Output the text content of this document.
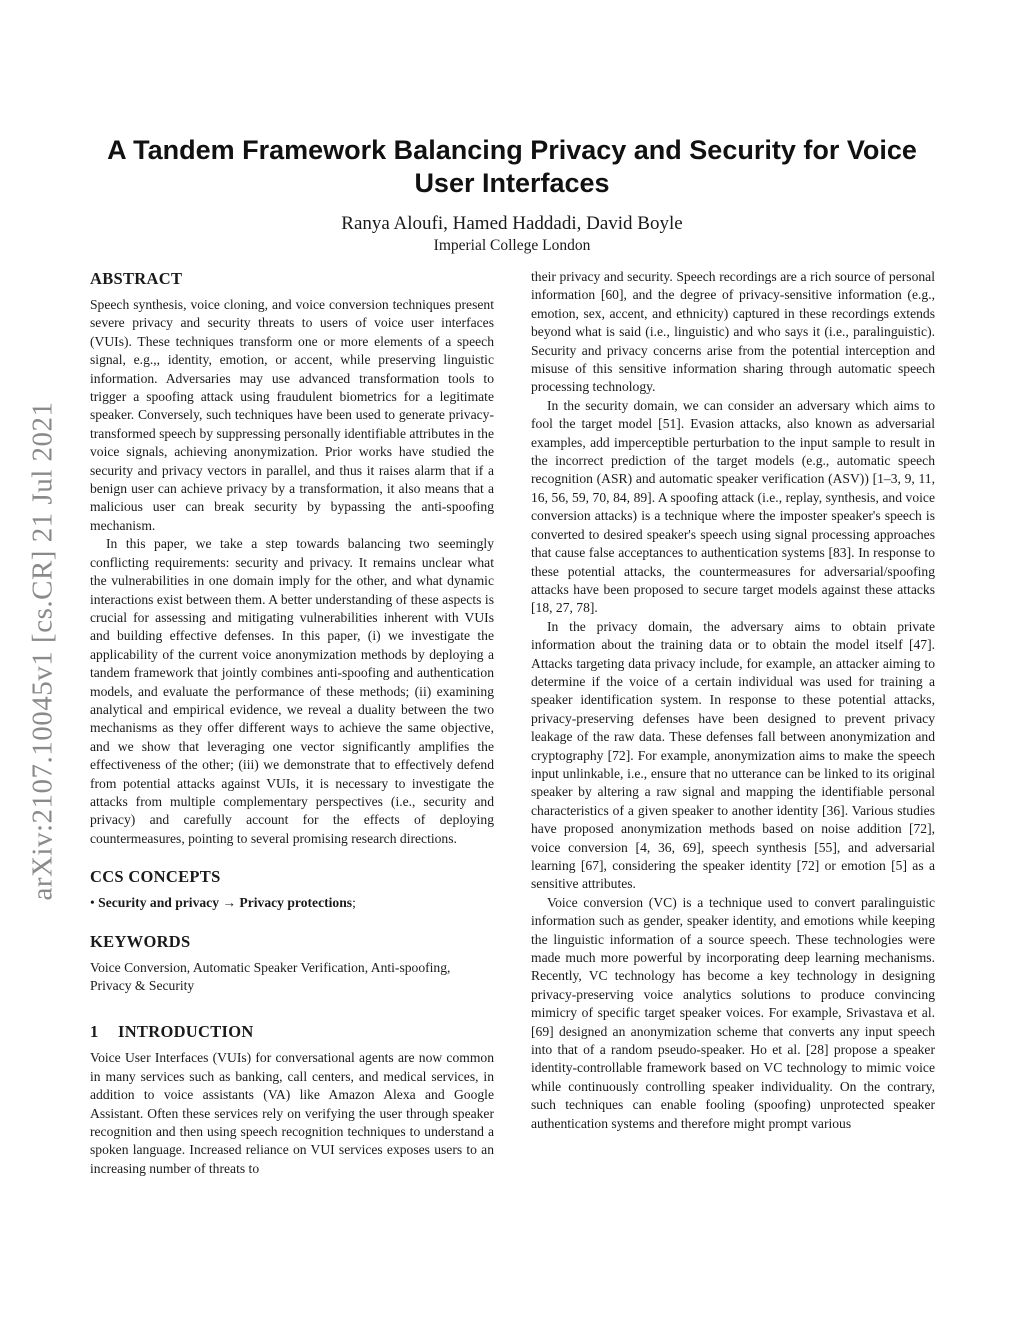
A Tandem Framework Balancing Privacy and Security for Voice User Interfaces
Ranya Aloufi, Hamed Haddadi, David Boyle
Imperial College London
arXiv:2107.10045v1 [cs.CR] 21 Jul 2021
ABSTRACT

Speech synthesis, voice cloning, and voice conversion techniques present severe privacy and security threats to users of voice user interfaces (VUIs). These techniques transform one or more elements of a speech signal, e.g.,, identity, emotion, or accent, while preserving linguistic information. Adversaries may use advanced transformation tools to trigger a spoofing attack using fraudulent biometrics for a legitimate speaker. Conversely, such techniques have been used to generate privacy-transformed speech by suppressing personally identifiable attributes in the voice signals, achieving anonymization. Prior works have studied the security and privacy vectors in parallel, and thus it raises alarm that if a benign user can achieve privacy by a transformation, it also means that a malicious user can break security by bypassing the anti-spoofing mechanism.

In this paper, we take a step towards balancing two seemingly conflicting requirements: security and privacy. It remains unclear what the vulnerabilities in one domain imply for the other, and what dynamic interactions exist between them. A better understanding of these aspects is crucial for assessing and mitigating vulnerabilities inherent with VUIs and building effective defenses. In this paper, (i) we investigate the applicability of the current voice anonymization methods by deploying a tandem framework that jointly combines anti-spoofing and authentication models, and evaluate the performance of these methods; (ii) examining analytical and empirical evidence, we reveal a duality between the two mechanisms as they offer different ways to achieve the same objective, and we show that leveraging one vector significantly amplifies the effectiveness of the other; (iii) we demonstrate that to effectively defend from potential attacks against VUIs, it is necessary to investigate the attacks from multiple complementary perspectives (i.e., security and privacy) and carefully account for the effects of deploying countermeasures, pointing to several promising research directions.

CCS CONCEPTS

• Security and privacy → Privacy protections;

KEYWORDS

Voice Conversion, Automatic Speaker Verification, Anti-spoofing, Privacy & Security

1 INTRODUCTION

Voice User Interfaces (VUIs) for conversational agents are now common in many services such as banking, call centers, and medical services, in addition to voice assistants (VA) like Amazon Alexa and Google Assistant. Often these services rely on verifying the user through speaker recognition and then using speech recognition techniques to understand a spoken language. Increased reliance on VUI services exposes users to an increasing number of threats to

their privacy and security. Speech recordings are a rich source of personal information [60], and the degree of privacy-sensitive information (e.g., emotion, sex, accent, and ethnicity) captured in these recordings extends beyond what is said (i.e., linguistic) and who says it (i.e., paralinguistic). Security and privacy concerns arise from the potential interception and misuse of this sensitive information sharing through automatic speech processing technology.

In the security domain, we can consider an adversary which aims to fool the target model [51]. Evasion attacks, also known as adversarial examples, add imperceptible perturbation to the input sample to result in the incorrect prediction of the target models (e.g., automatic speech recognition (ASR) and automatic speaker verification (ASV)) [1–3, 9, 11, 16, 56, 59, 70, 84, 89]. A spoofing attack (i.e., replay, synthesis, and voice conversion attacks) is a technique where the imposter speaker's speech is converted to desired speaker's speech using signal processing approaches that cause false acceptances to authentication systems [83]. In response to these potential attacks, the countermeasures for adversarial/spoofing attacks have been proposed to secure target models against these attacks [18, 27, 78].

In the privacy domain, the adversary aims to obtain private information about the training data or to obtain the model itself [47]. Attacks targeting data privacy include, for example, an attacker aiming to determine if the voice of a certain individual was used for training a speaker identification system. In response to these potential attacks, privacy-preserving defenses have been designed to prevent privacy leakage of the raw data. These defenses fall between anonymization and cryptography [72]. For example, anonymization aims to make the speech input unlinkable, i.e., ensure that no utterance can be linked to its original speaker by altering a raw signal and mapping the identifiable personal characteristics of a given speaker to another identity [36]. Various studies have proposed anonymization methods based on noise addition [72], voice conversion [4, 36, 69], speech synthesis [55], and adversarial learning [67], considering the speaker identity [72] or emotion [5] as a sensitive attributes.

Voice conversion (VC) is a technique used to convert paralinguistic information such as gender, speaker identity, and emotions while keeping the linguistic information of a source speech. These technologies were made much more powerful by incorporating deep learning mechanisms. Recently, VC technology has become a key technology in designing privacy-preserving voice analytics solutions to produce convincing mimicry of specific target speaker voices. For example, Srivastava et al. [69] designed an anonymization scheme that converts any input speech into that of a random pseudo-speaker. Ho et al. [28] propose a speaker identity-controllable framework based on VC technology to mimic voice while continuously controlling speaker individuality. On the contrary, such techniques can enable fooling (spoofing) unprotected speaker authentication systems and therefore might prompt various
